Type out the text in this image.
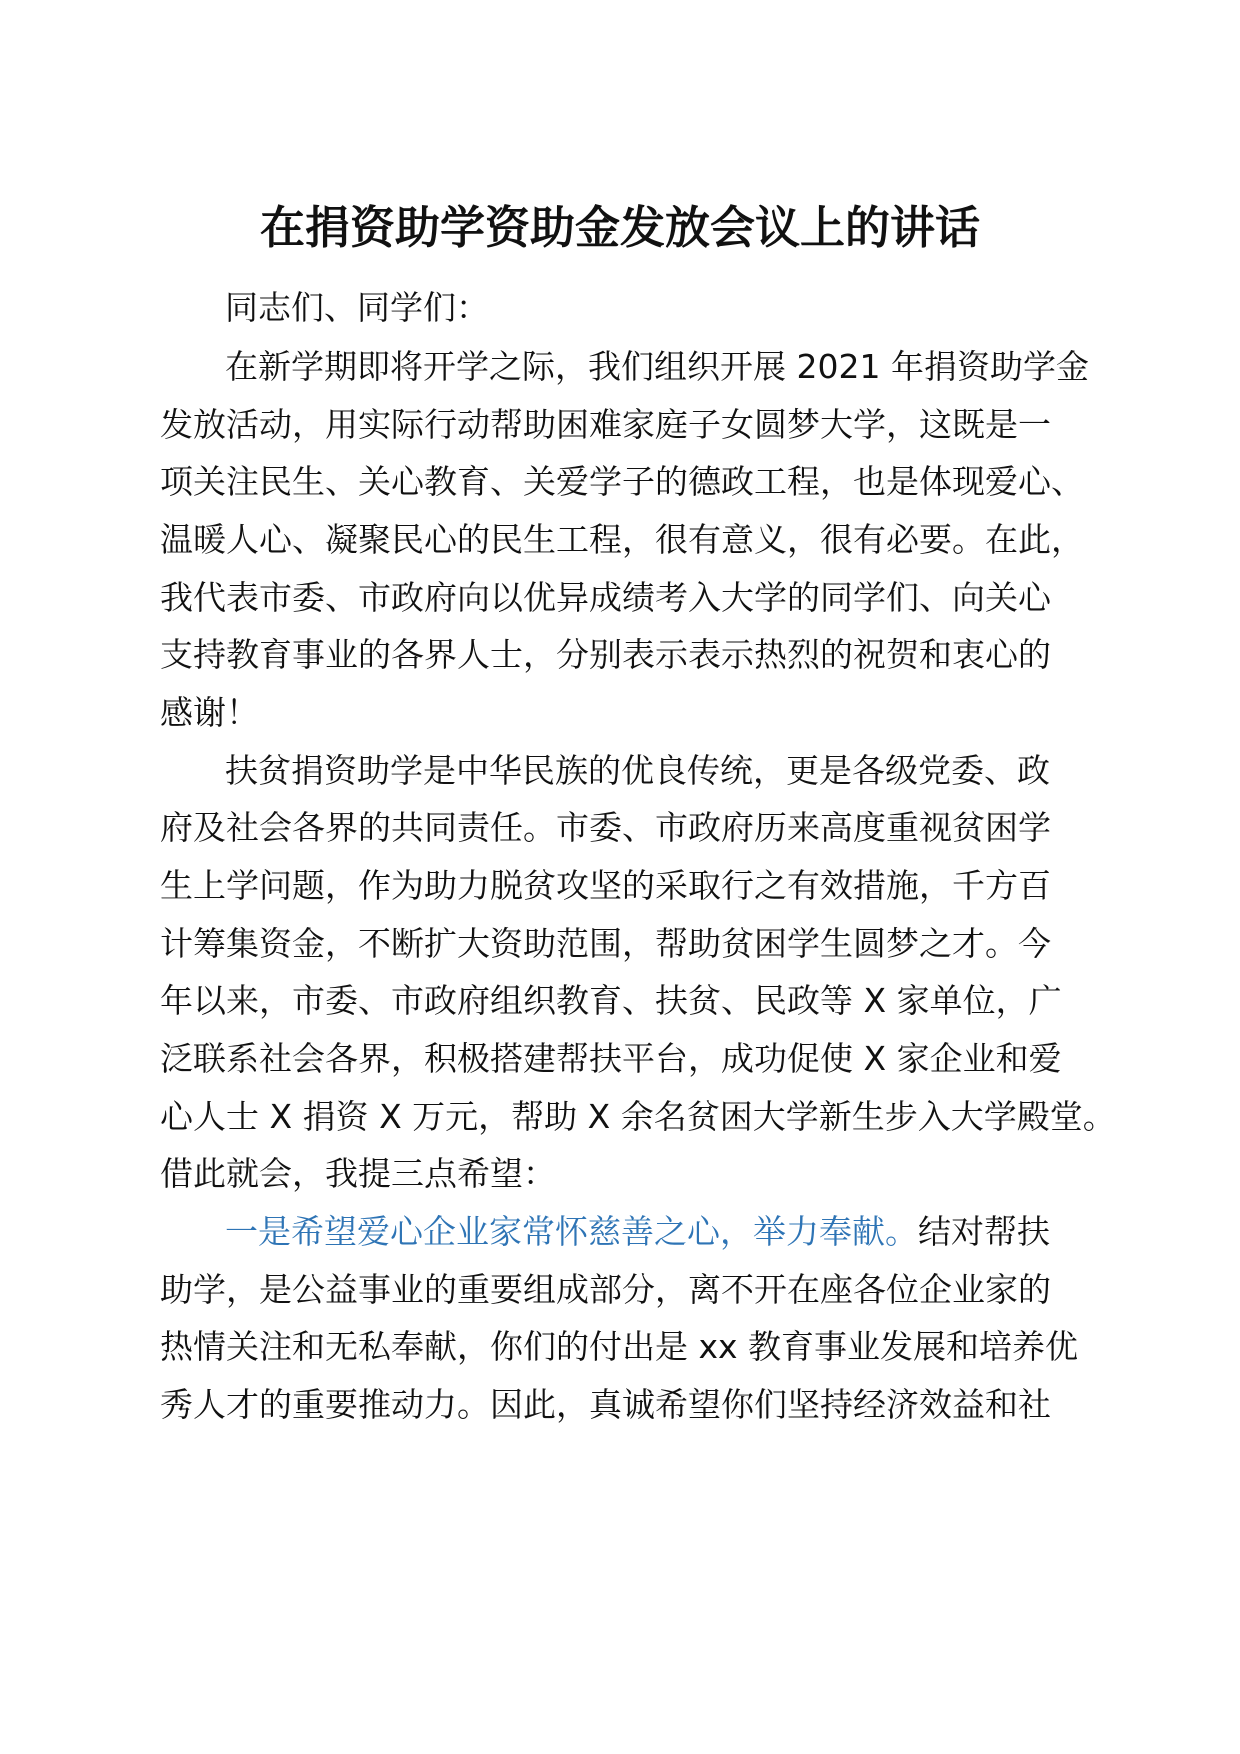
在捐资助学资助金发放会议上的讲话

同志们、同学们：

在新学期即将开学之际，我们组织开展 2021 年捐资助学金

发放活动，用实际行动帮助困难家庭子女圆梦大学，这既是一

项关注民生、关心教育、关爱学子的德政工程，也是体现爱心、

温暖人心、凝聚民心的民生工程，很有意义，很有必要。在此，

我代表市委、市政府向以优异成绩考入大学的同学们、向关心

支持教育事业的各界人士，分别表示表示热烈的祝贺和衷心的

感谢！

扶贫捐资助学是中华民族的优良传统，更是各级党委、政

府及社会各界的共同责任。市委、市政府历来高度重视贫困学

生上学问题，作为助力脱贫攻坚的采取行之有效措施，千方百

计筹集资金，不断扩大资助范围，帮助贫困学生圆梦之才。今

年以来，市委、市政府组织教育、扶贫、民政等 X 家单位，广

泛联系社会各界，积极搭建帮扶平台，成功促使 X 家企业和爱

心人士 X 捐资 X 万元，帮助 X 余名贫困大学新生步入大学殿堂。

借此就会，我提三点希望：

一是希望爱心企业家常怀慈善之心，举力奉献。结对帮扶

助学，是公益事业的重要组成部分，离不开在座各位企业家的

热情关注和无私奉献，你们的付出是 xx 教育事业发展和培养优

秀人才的重要推动力。因此，真诚希望你们坚持经济效益和社
